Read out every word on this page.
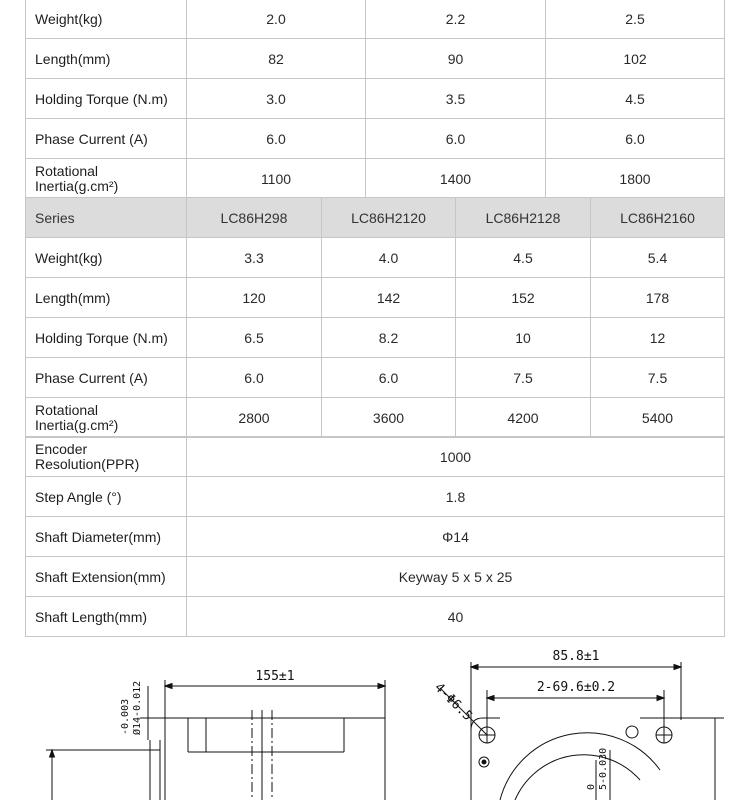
Weight(kg)	2.0	2.2	2.5
Length(mm)	82	90	102
Holding Torque (N.m)	3.0	3.5	4.5
Phase Current (A)	6.0	6.0	6.0
Rotational
Inertia(g.cm²)	1100	1400	1800
Series	LC86H298	LC86H2120	LC86H2128	LC86H2160
Weight(kg)	3.3	4.0	4.5	5.4
Length(mm)	120	142	152	178
Holding Torque (N.m)	6.5	8.2	10	12
Phase Current (A)	6.0	6.0	7.5	7.5
Rotational
Inertia(g.cm²)	2800	3600	4200	5400
Encoder
Resolution(PPR)	1000
Step Angle (°)	1.8
Shaft Diameter(mm)	Φ14
Shaft Extension(mm)	Keyway 5 x 5 x 25
Shaft Length(mm)	40
155±1
Ø14-0.012
-0.003
85.8±1
2-69.6±0.2
4-Φ6.5
5-0.030
0
